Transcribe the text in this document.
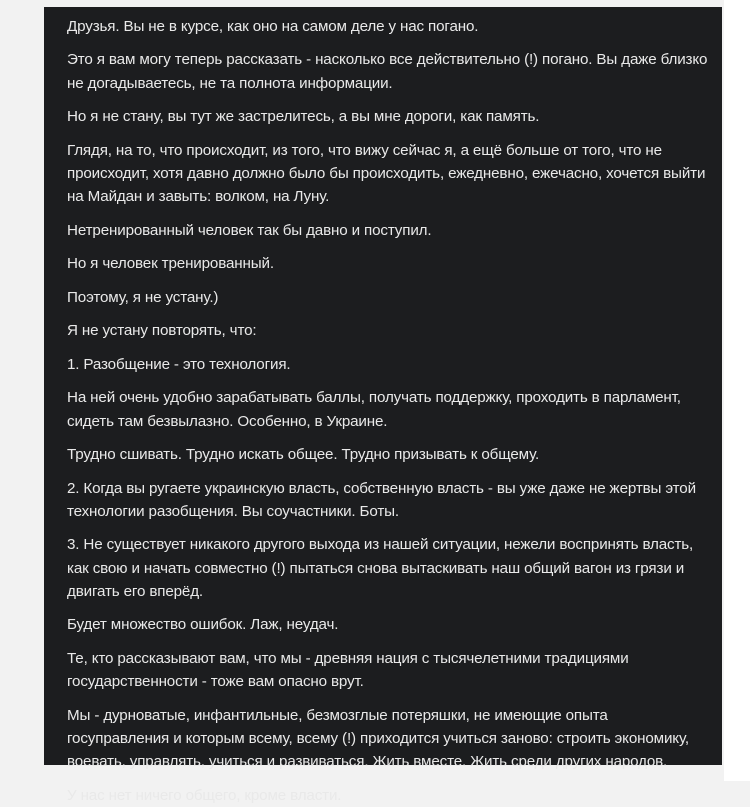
Друзья. Вы не в курсе, как оно на самом деле у нас погано.

Это я вам могу теперь рассказать - насколько все действительно (!) погано. Вы даже близко не догадываетесь, не та полнота информации.

Но я не стану, вы тут же застрелитесь, а вы мне дороги, как память.

Глядя, на то, что происходит, из того, что вижу сейчас я, а ещё больше от того, что не происходит, хотя давно должно было бы происходить, ежедневно, ежечасно, хочется выйти на Майдан и завыть: волком, на Луну.

Нетренированный человек так бы давно и поступил.

Но я человек тренированный.

Поэтому, я не устану.)

Я не устану повторять, что:

1. Разобщение - это технология.

На ней очень удобно зарабатывать баллы, получать поддержку, проходить в парламент, сидеть там безвылазно. Особенно, в Украине.

Трудно сшивать. Трудно искать общее. Трудно призывать к общему.

2. Когда вы ругаете украинскую власть, собственную власть - вы уже даже не жертвы этой технологии разобщения. Вы соучастники. Боты.

3. Не существует никакого другого выхода из нашей ситуации, нежели воспринять власть, как свою и начать совместно (!) пытаться снова вытаскивать наш общий вагон из грязи и двигать его вперёд.

Будет множество ошибок. Лаж, неудач.

Те, кто рассказывают вам, что мы - древняя нация с тысячелетними традициями государственности - тоже вам опасно врут.

Мы - дурноватые, инфантильные, безмозглые потеряшки, не имеющие опыта госуправления и которым всему, всему (!) приходится учиться заново: строить экономику, воевать, управлять, учиться и развиваться. Жить вместе. Жить среди других народов.

У нас нет ничего общего, кроме власти.
